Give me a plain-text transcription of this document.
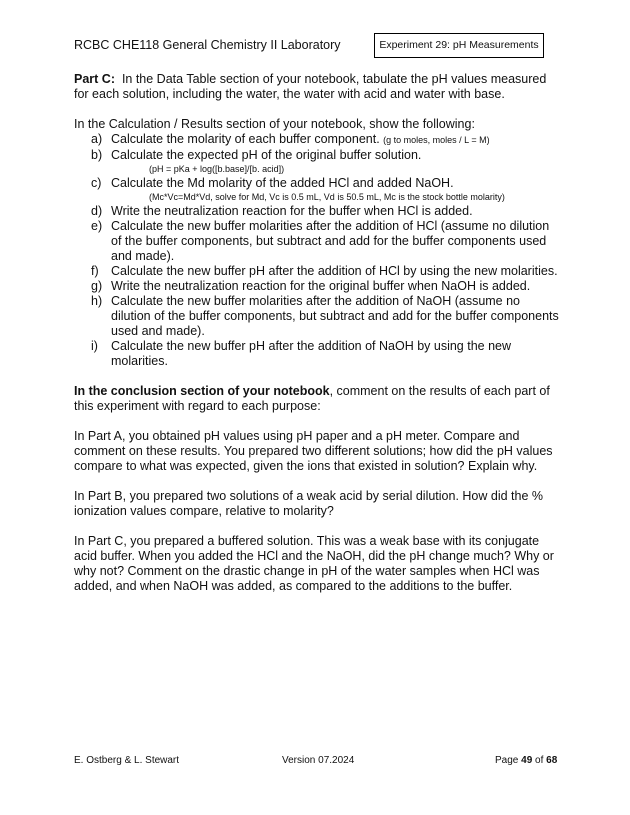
RCBC CHE118 General Chemistry II Laboratory	Experiment 29: pH Measurements

Part C: In the Data Table section of your notebook, tabulate the pH values measured for each solution, including the water, the water with acid and water with base.

In the Calculation / Results section of your notebook, show the following:

a) Calculate the molarity of each buffer component. (g to moles, moles / L = M)
b) Calculate the expected pH of the original buffer solution.
(pH = pKa + log([b.base]/[b. acid])
c) Calculate the Md molarity of the added HCl and added NaOH.
(Mc*Vc=Md*Vd, solve for Md, Vc is 0.5 mL, Vd is 50.5 mL, Mc is the stock bottle molarity)
d) Write the neutralization reaction for the buffer when HCl is added.
e) Calculate the new buffer molarities after the addition of HCl (assume no dilution of the buffer components, but subtract and add for the buffer components used and made).
f) Calculate the new buffer pH after the addition of HCl by using the new molarities.
g) Write the neutralization reaction for the original buffer when NaOH is added.
h) Calculate the new buffer molarities after the addition of NaOH (assume no dilution of the buffer components, but subtract and add for the buffer components used and made).
i) Calculate the new buffer pH after the addition of NaOH by using the new molarities.

In the conclusion section of your notebook, comment on the results of each part of this experiment with regard to each purpose:

In Part A, you obtained pH values using pH paper and a pH meter. Compare and comment on these results. You prepared two different solutions; how did the pH values compare to what was expected, given the ions that existed in solution? Explain why.

In Part B, you prepared two solutions of a weak acid by serial dilution. How did the % ionization values compare, relative to molarity?

In Part C, you prepared a buffered solution. This was a weak base with its conjugate acid buffer. When you added the HCl and the NaOH, did the pH change much? Why or why not? Comment on the drastic change in pH of the water samples when HCl was added, and when NaOH was added, as compared to the additions to the buffer.

E. Ostberg & L. Stewart	Version 07.2024	Page 49 of 68
